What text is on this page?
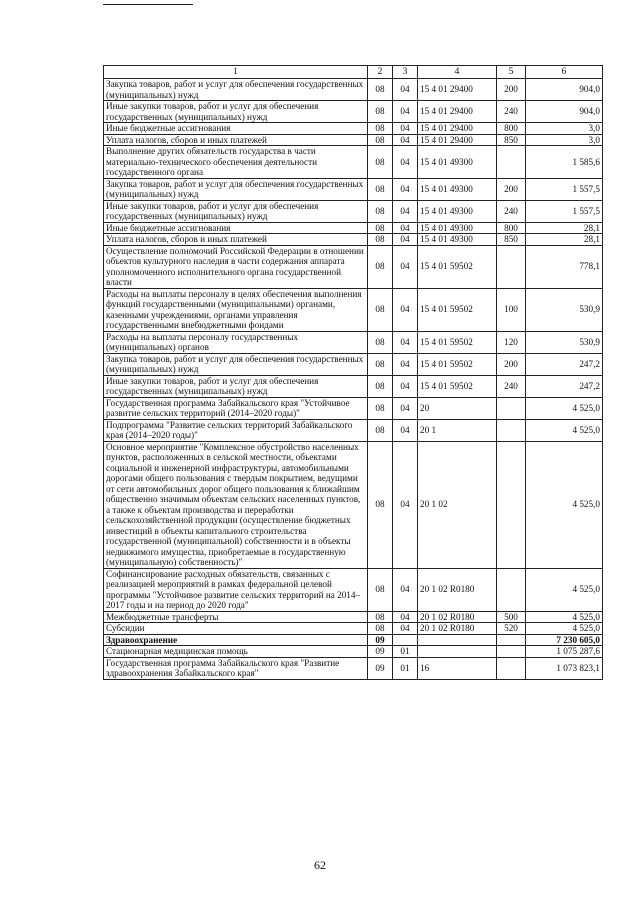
1	2	3	4	5	6
Закупка товаров, работ и услуг для обеспечения государственных (муниципальных) нужд	08	04	15 4 01 29400	200	904,0
Иные закупки товаров, работ и услуг для обеспечения государственных (муниципальных) нужд	08	04	15 4 01 29400	240	904,0
Иные бюджетные ассигнования	08	04	15 4 01 29400	800	3,0
Уплата налогов, сборов и иных платежей	08	04	15 4 01 29400	850	3,0
Выполнение других обязательств государства в части материально-технического обеспечения деятельности государственного органа	08	04	15 4 01 49300		1 585,6
Закупка товаров, работ и услуг для обеспечения государственных (муниципальных) нужд	08	04	15 4 01 49300	200	1 557,5
Иные закупки товаров, работ и услуг для обеспечения государственных (муниципальных) нужд	08	04	15 4 01 49300	240	1 557,5
Иные бюджетные ассигнования	08	04	15 4 01 49300	800	28,1
Уплата налогов, сборов и иных платежей	08	04	15 4 01 49300	850	28,1
Осуществление полномочий Российской Федерации в отношении объектов культурного наследия в части содержания аппарата уполномоченного исполнительного органа государственной власти	08	04	15 4 01 59502		778,1
Расходы на выплаты персоналу в целях обеспечения выполнения функций государственными (муниципальными) органами, казенными учреждениями, органами управления государственными внебюджетными фондами	08	04	15 4 01 59502	100	530,9
Расходы на выплаты персоналу государственных (муниципальных) органов	08	04	15 4 01 59502	120	530,9
Закупка товаров, работ и услуг для обеспечения государственных (муниципальных) нужд	08	04	15 4 01 59502	200	247,2
Иные закупки товаров, работ и услуг для обеспечения государственных (муниципальных) нужд	08	04	15 4 01 59502	240	247,2
Государственная программа Забайкальского края "Устойчивое развитие сельских территорий (2014–2020 годы)"	08	04	20		4 525,0
Подпрограмма "Развитие сельских территорий Забайкальского края (2014–2020 годы)"	08	04	20 1		4 525,0
Основное мероприятие "Комплексное обустройство населенных пунктов, расположенных в сельской местности, объектами социальной и инженерной инфраструктуры, автомобильными дорогами общего пользования с твердым покрытием, ведущими от сети автомобильных дорог общего пользования к ближайшим общественно значимым объектам сельских населенных пунктов, а также к объектам производства и переработки сельскохозяйственной продукции (осуществление бюджетных инвестиций в объекты капитального строительства государственной (муниципальной) собственности и в объекты недвижимого имущества, приобретаемые в государственную (муниципальную) собственность)"	08	04	20 1 02		4 525,0
Софинансирование расходных обязательств, связанных с реализацией мероприятий в рамках федеральной целевой программы "Устойчивое развитие сельских территорий на 2014–2017 годы и на период до 2020 года"	08	04	20 1 02 R0180		4 525,0
Межбюджетные трансферты	08	04	20 1 02 R0180	500	4 525,0
Субсидии	08	04	20 1 02 R0180	520	4 525,0
Здравоохранение	09				7 230 605,0
Стационарная медицинская помощь	09	01			1 075 287,6
Государственная программа Забайкальского края "Развитие здравоохранения Забайкальского края"	09	01	16		1 073 823,1
62
